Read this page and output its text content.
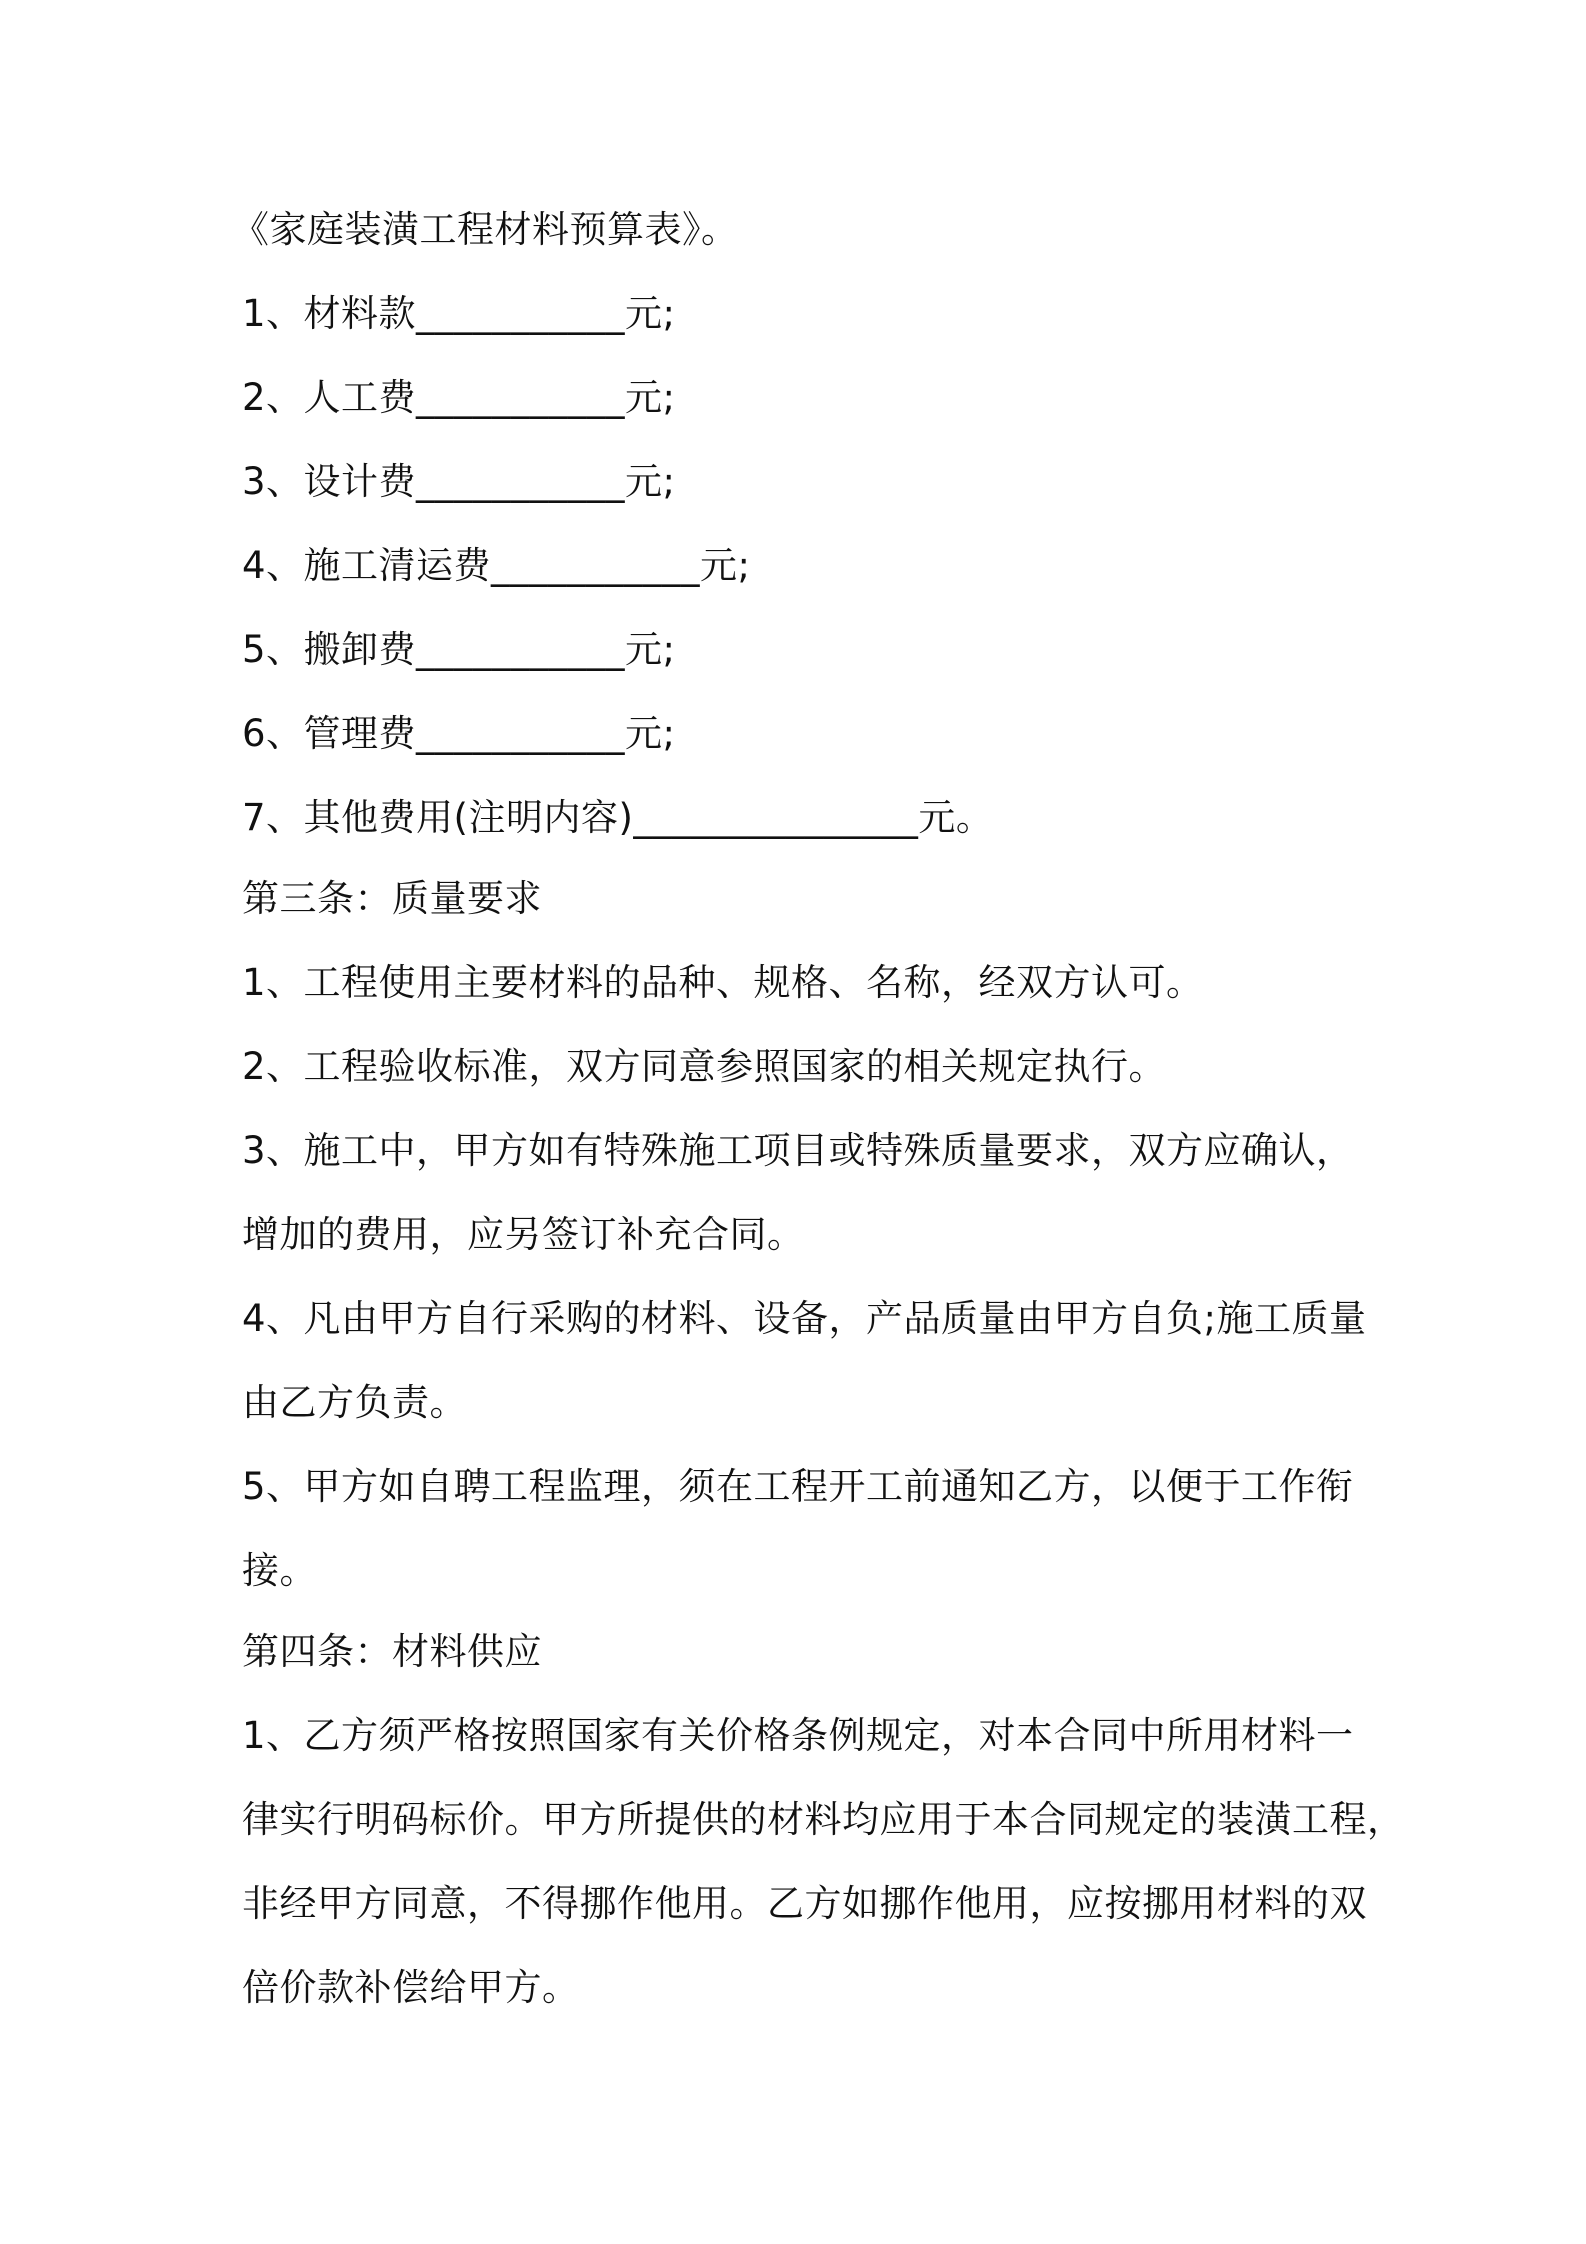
《家庭装潢工程材料预算表》。
1、材料款___________元;
2、人工费___________元;
3、设计费___________元;
4、施工清运费___________元;
5、搬卸费___________元;
6、管理费___________元;
7、其他费用(注明内容)_______________元。
第三条：质量要求
1、工程使用主要材料的品种、规格、名称，经双方认可。
2、工程验收标准，双方同意参照国家的相关规定执行。
3、施工中，甲方如有特殊施工项目或特殊质量要求，双方应确认，
增加的费用，应另签订补充合同。
4、凡由甲方自行采购的材料、设备，产品质量由甲方自负;施工质量
由乙方负责。
5、甲方如自聘工程监理，须在工程开工前通知乙方，以便于工作衔
接。
第四条：材料供应
1、乙方须严格按照国家有关价格条例规定，对本合同中所用材料一
律实行明码标价。甲方所提供的材料均应用于本合同规定的装潢工程，
非经甲方同意，不得挪作他用。乙方如挪作他用，应按挪用材料的双
倍价款补偿给甲方。
